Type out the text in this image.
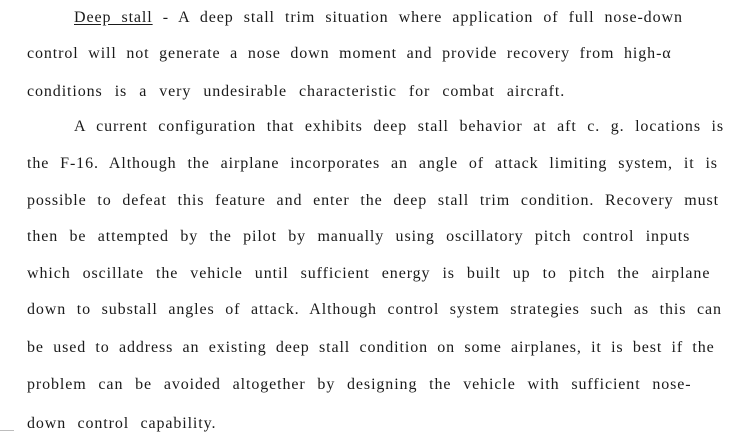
Deep stall - A deep stall trim situation where application of full nose-down
control will not generate a nose down moment and provide recovery from high-α
conditions is a very undesirable characteristic for combat aircraft.
A current configuration that exhibits deep stall behavior at aft c. g. locations is
the F-16. Although the airplane incorporates an angle of attack limiting system, it is
possible to defeat this feature and enter the deep stall trim condition. Recovery must
then be attempted by the pilot by manually using oscillatory pitch control inputs
which oscillate the vehicle until sufficient energy is built up to pitch the airplane
down to substall angles of attack. Although control system strategies such as this can
be used to address an existing deep stall condition on some airplanes, it is best if the
problem can be avoided altogether by designing the vehicle with sufficient nose-
down control capability.
